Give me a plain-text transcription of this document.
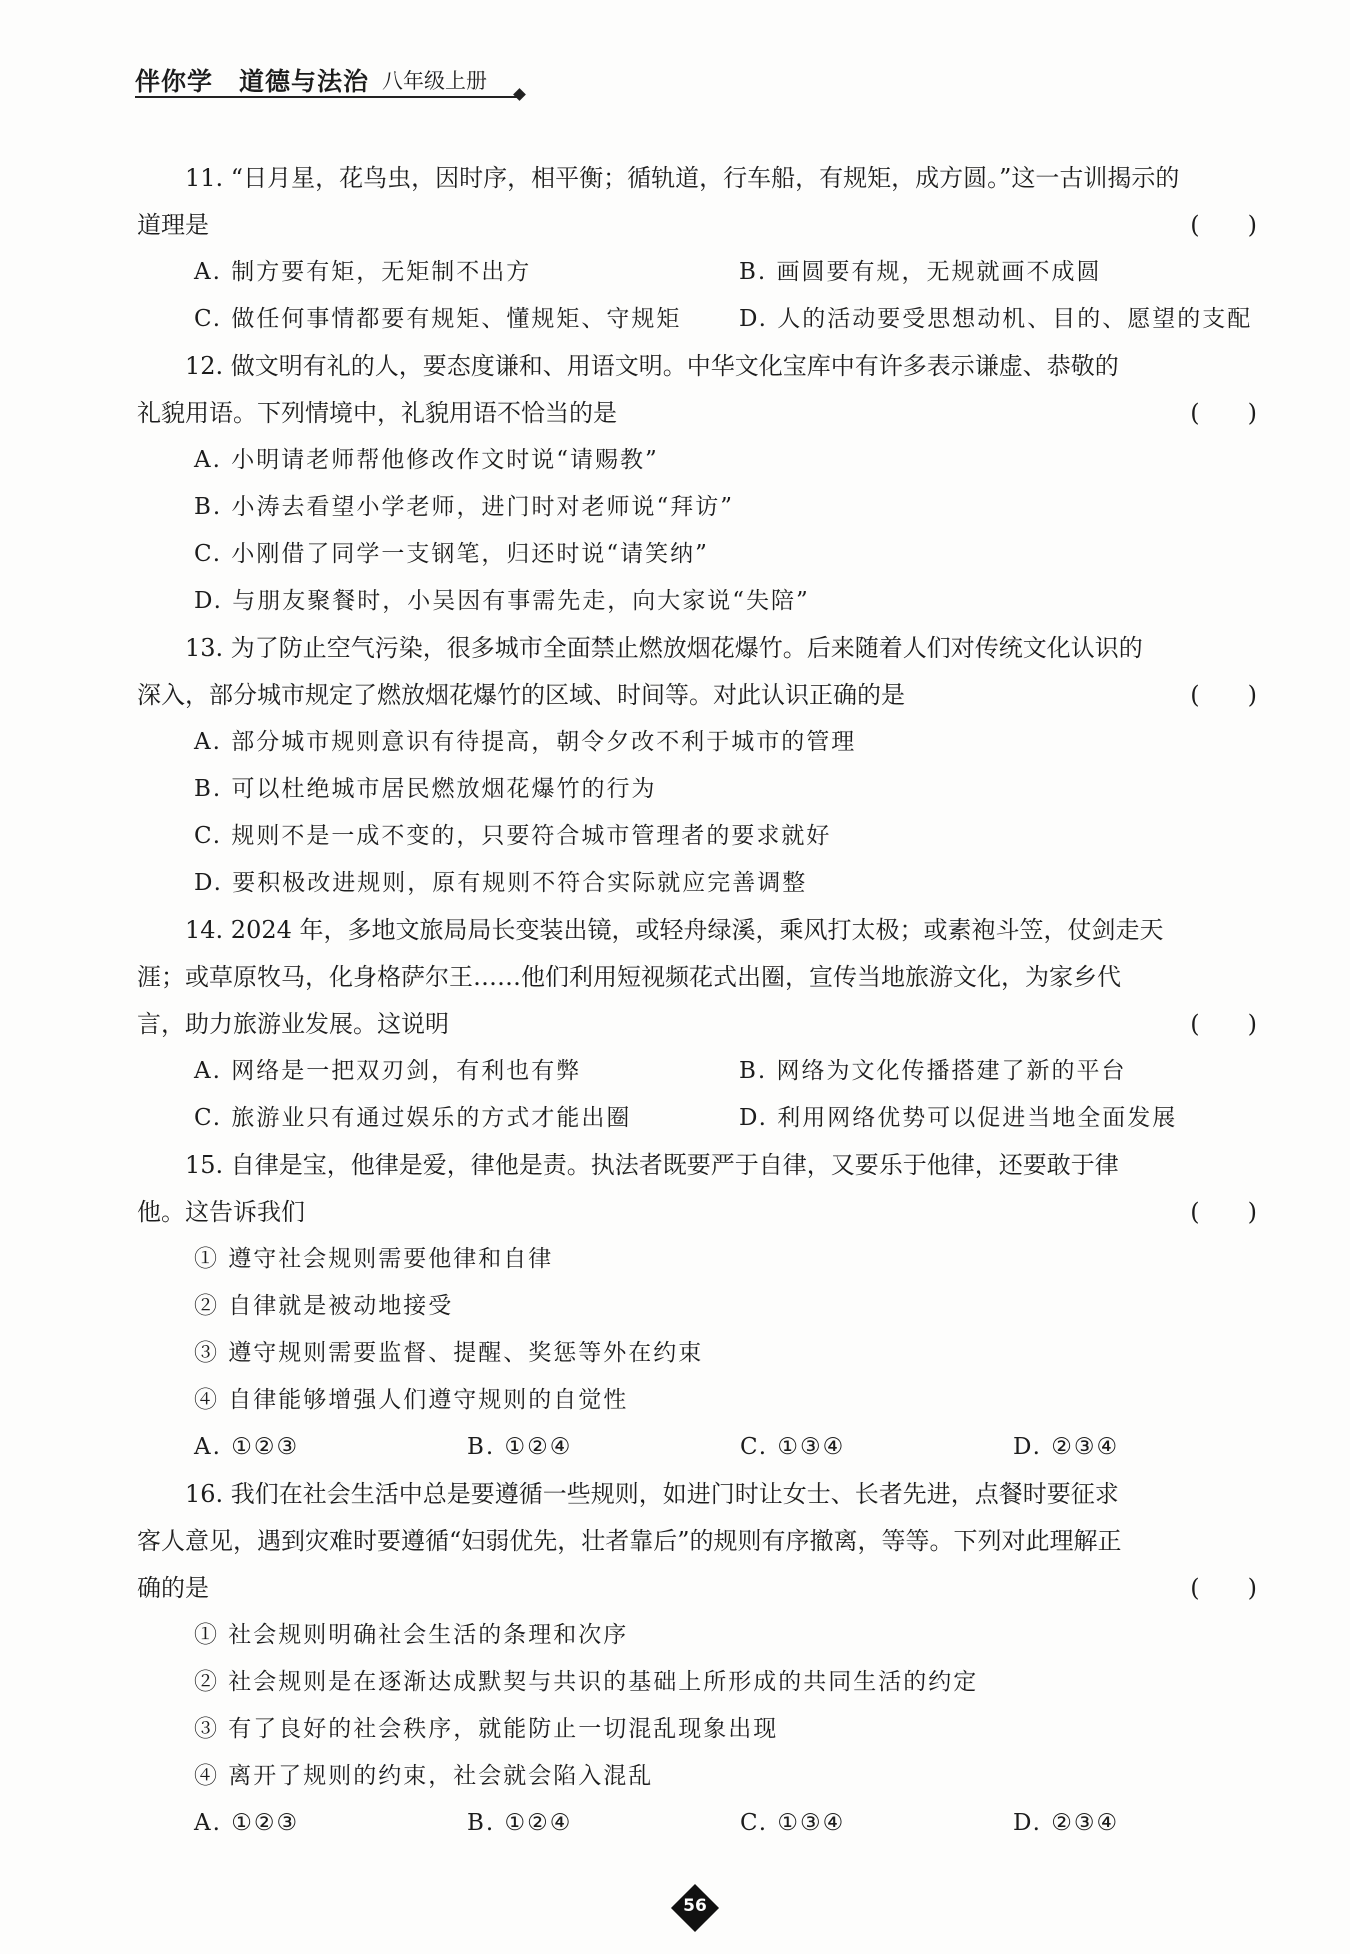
伴你学　道德与法治 八年级上册

11. “日月星，花鸟虫，因时序，相平衡；循轨道，行车船，有规矩，成方圆。”这一古训揭示的

道理是	(　　)
A. 制方要有矩，无矩制不出方	B. 画圆要有规，无规就画不成圆
C. 做任何事情都要有规矩、懂规矩、守规矩	D. 人的活动要受思想动机、目的、愿望的支配

12. 做文明有礼的人，要态度谦和、用语文明。中华文化宝库中有许多表示谦虚、恭敬的

礼貌用语。下列情境中，礼貌用语不恰当的是	(　　)

A. 小明请老师帮他修改作文时说“请赐教”

B. 小涛去看望小学老师，进门时对老师说“拜访”

C. 小刚借了同学一支钢笔，归还时说“请笑纳”

D. 与朋友聚餐时，小吴因有事需先走，向大家说“失陪”

13. 为了防止空气污染，很多城市全面禁止燃放烟花爆竹。后来随着人们对传统文化认识的

深入，部分城市规定了燃放烟花爆竹的区域、时间等。对此认识正确的是	(　　)

A. 部分城市规则意识有待提高，朝令夕改不利于城市的管理

B. 可以杜绝城市居民燃放烟花爆竹的行为

C. 规则不是一成不变的，只要符合城市管理者的要求就好

D. 要积极改进规则，原有规则不符合实际就应完善调整

14. 2024 年，多地文旅局局长变装出镜，或轻舟绿溪，乘风打太极；或素袍斗笠，仗剑走天

涯；或草原牧马，化身格萨尔王……他们利用短视频花式出圈，宣传当地旅游文化，为家乡代

言，助力旅游业发展。这说明	(　　)
A. 网络是一把双刃剑，有利也有弊	B. 网络为文化传播搭建了新的平台
C. 旅游业只有通过娱乐的方式才能出圈	D. 利用网络优势可以促进当地全面发展

15. 自律是宝，他律是爱，律他是责。执法者既要严于自律，又要乐于他律，还要敢于律

他。这告诉我们	(　　)

① 遵守社会规则需要他律和自律

② 自律就是被动地接受

③ 遵守规则需要监督、提醒、奖惩等外在约束

④ 自律能够增强人们遵守规则的自觉性

A. ①②③	B. ①②④	C. ①③④	D. ②③④

16. 我们在社会生活中总是要遵循一些规则，如进门时让女士、长者先进，点餐时要征求

客人意见，遇到灾难时要遵循“妇弱优先，壮者靠后”的规则有序撤离，等等。下列对此理解正

确的是	(　　)

① 社会规则明确社会生活的条理和次序

② 社会规则是在逐渐达成默契与共识的基础上所形成的共同生活的约定

③ 有了良好的社会秩序，就能防止一切混乱现象出现

④ 离开了规则的约束，社会就会陷入混乱

A. ①②③	B. ①②④	C. ①③④	D. ②③④
56
